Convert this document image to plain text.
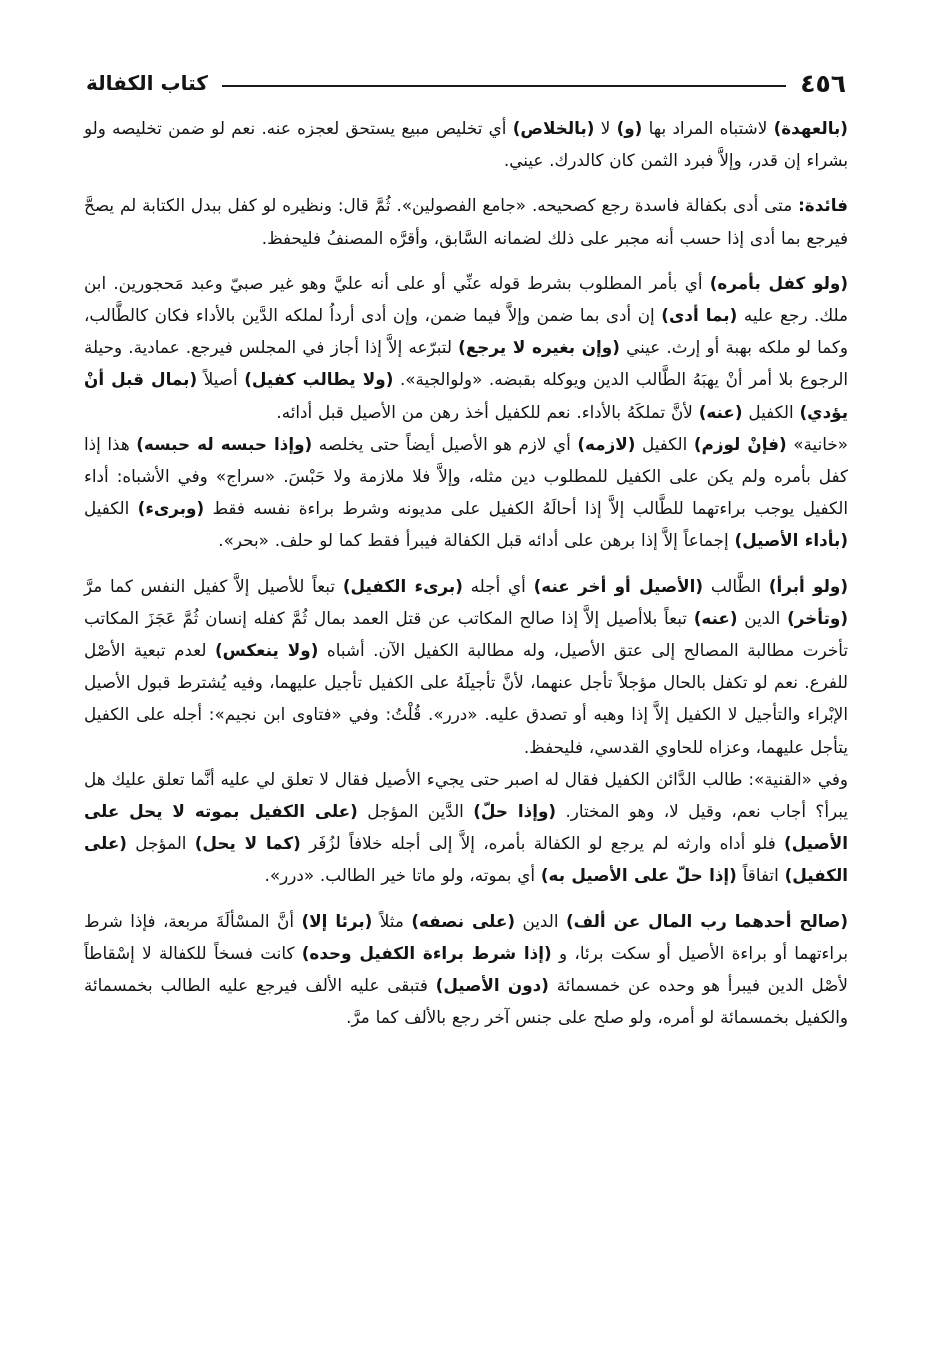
٤٥٦
كتاب الكفالة

(بالعهدة) لاشتباه المراد بها (و) لا (بالخلاص) أي تخليص مبيع يستحق لعجزه عنه. نعم لو ضمن تخليصه ولو بشراء إن قدر، وإلاَّ فبرد الثمن كان كالدرك. عيني.

فائدة: متى أدى بكفالة فاسدة رجع كصحيحه. «جامع الفصولين». ثُمَّ قال: ونظيره لو كفل ببدل الكتابة لم يصحَّ فيرجع بما أدى إذا حسب أنه مجبر على ذلك لضمانه السَّابق، وأقرَّه المصنفُ فليحفظ.

(ولو كفل بأمره) أي بأمر المطلوب بشرط قوله عنِّي أو على أنه عليَّ وهو غير صبيّ وعبد مَحجورين. ابن ملك. رجع عليه (بما أدى) إن أدى بما ضمن وإلاَّ فيما ضمن، وإن أدى أرداُ لملكه الدَّين بالأداء فكان كالطَّالب، وكما لو ملكه بهبة أو إرث. عيني (وإن بغيره لا يرجع) لتبرّعه إلاَّ إذا أجاز في المجلس فيرجع. عمادية. وحيلة الرجوع بلا أمر أنْ يهبَهُ الطَّالب الدين ويوكله بقبضه. «ولوالجية». (ولا يطالب كفيل) أصيلاً (بمال قبل أنْ يؤدي) الكفيل (عنه) لأنَّ تملكَهُ بالأداء. نعم للكفيل أخذ رهن من الأصيل قبل أدائه.

«خانية» (فإنْ لوزم) الكفيل (لازمه) أي لازم هو الأصيل أيضاً حتى يخلصه (وإذا حبسه له حبسه) هذا إذا كفل بأمره ولم يكن على الكفيل للمطلوب دين مثله، وإلاَّ فلا ملازمة ولا حَبْسَ. «سراج» وفي الأشباه: أداء الكفيل يوجب براءتهما للطَّالب إلاَّ إذا أحالَهُ الكفيل على مديونه وشرط براءة نفسه فقط (وبرىء) الكفيل (بأداء الأصيل) إجماعاً إلاَّ إذا برهن على أدائه قبل الكفالة فيبرأ فقط كما لو حلف. «بحر».

(ولو أبرأ) الطَّالب (الأصيل أو أخر عنه) أي أجله (برىء الكفيل) تبعاً للأصيل إلاَّ كفيل النفس كما مرَّ (وتأخر) الدين (عنه) تبعاً بلاأصيل إلاَّ إذا صالح المكاتب عن قتل العمد بمال ثُمَّ كفله إنسان ثُمَّ عَجَزَ المكاتب تأخرت مطالبة المصالح إلى عتق الأصيل، وله مطالبة الكفيل الآن. أشباه (ولا ينعكس) لعدم تبعية الأصْل للفرع. نعم لو تكفل بالحال مؤجلاً تأجل عنهما، لأنَّ تأجيلَهُ على الكفيل تأجيل عليهما، وفيه يُشترط قبول الأصيل الإبْراء والتأجيل لا الكفيل إلاَّ إذا وهبه أو تصدق عليه. «درر». قُلْتُ: وفي «فتاوى ابن نجيم»: أجله على الكفيل يتأجل عليهما، وعزاه للحاوي القدسي، فليحفظ.

وفي «القنية»: طالب الدَّائن الكفيل فقال له اصبر حتى يجيء الأصيل فقال لا تعلق لي عليه أنَّما تعلق عليك هل يبرأ؟ أجاب نعم، وقيل لا، وهو المختار. (وإذا حلّ) الدَّين المؤجل (على الكفيل بموته لا يحل على الأصيل) فلو أداه وارثه لم يرجع لو الكفالة بأمره، إلاَّ إلى أجله خلافاً لزُفَر (كما لا يحل) المؤجل (على الكفيل) اتفاقاً (إذا حلّ على الأصيل به) أي بموته، ولو ماتا خير الطالب. «درر».

(صالح أحدهما رب المال عن ألف) الدين (على نصفه) مثلاً (برئا إلا) أنَّ المسْألَةَ مربعة، فإذا شرط براءتهما أو براءة الأصيل أو سكت برئا، و (إذا شرط براءة الكفيل وحده) كانت فسخاً للكفالة لا إسْقاطاً لأصْل الدين فيبرأ هو وحده عن خمسمائة (دون الأصيل) فتبقى عليه الألف فيرجع عليه الطالب بخمسمائة والكفيل بخمسمائة لو أمره، ولو صلح على جنس آخر رجع بالألف كما مرَّ.
